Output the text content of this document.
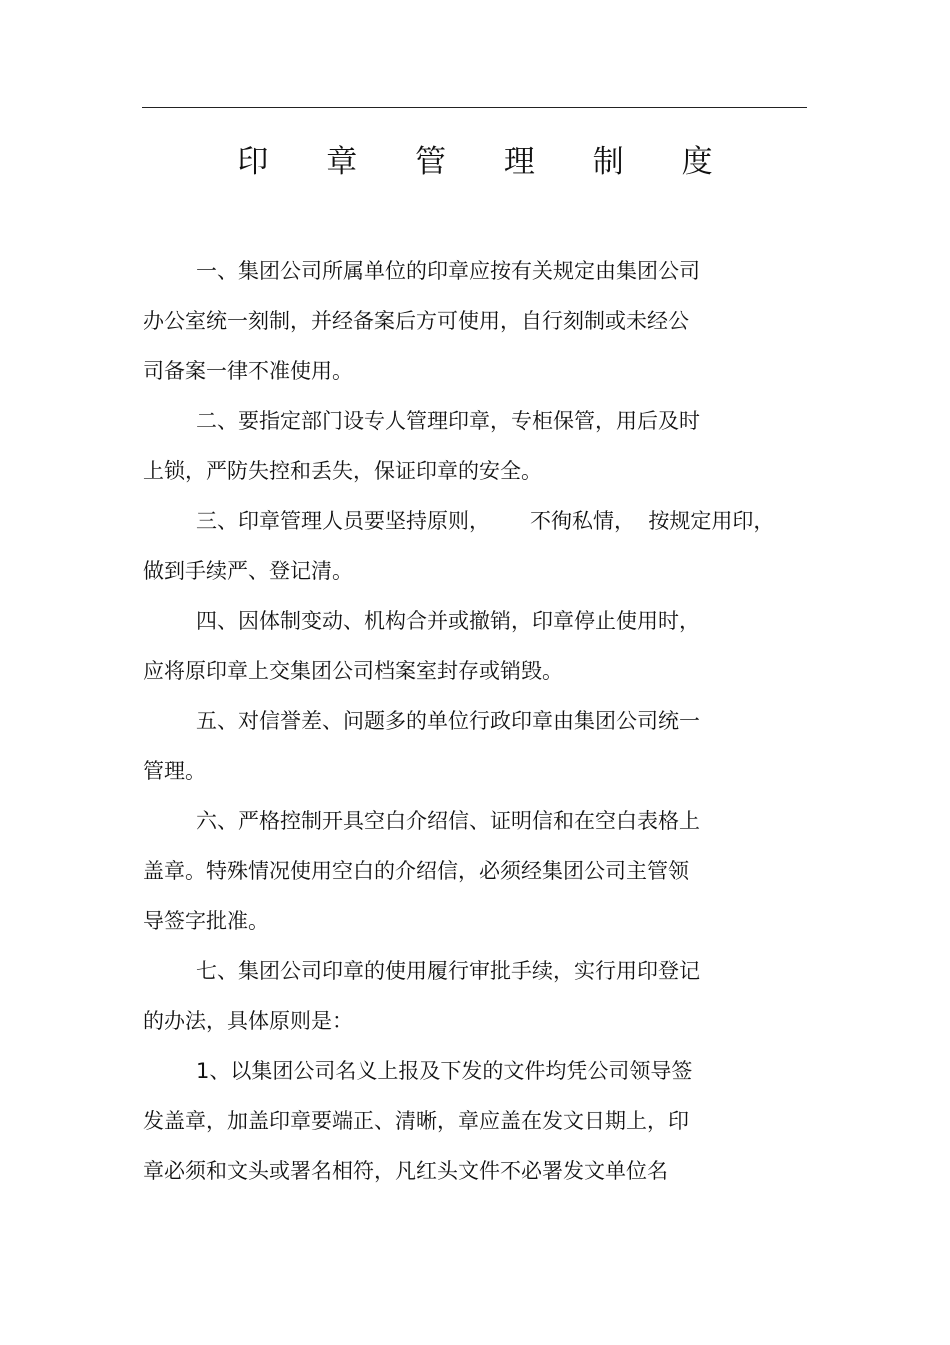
印 章 管 理 制 度
一、集团公司所属单位的印章应按有关规定由集团公司
办公室统一刻制，并经备案后方可使用，自行刻制或未经公
司备案一律不准使用。
二、要指定部门设专人管理印章，专柜保管，用后及时
上锁，严防失控和丢失，保证印章的安全。
三、印章管理人员要坚持原则，      不徇私情，  按规定用印，
做到手续严、登记清。
四、因体制变动、机构合并或撤销，印章停止使用时，
应将原印章上交集团公司档案室封存或销毁。
五、对信誉差、问题多的单位行政印章由集团公司统一
管理。
六、严格控制开具空白介绍信、证明信和在空白表格上
盖章。特殊情况使用空白的介绍信，必须经集团公司主管领
导签字批准。
七、集团公司印章的使用履行审批手续，实行用印登记
的办法，具体原则是：
1、以集团公司名义上报及下发的文件均凭公司领导签
发盖章，加盖印章要端正、清晰，章应盖在发文日期上，印
章必须和文头或署名相符，凡红头文件不必署发文单位名
